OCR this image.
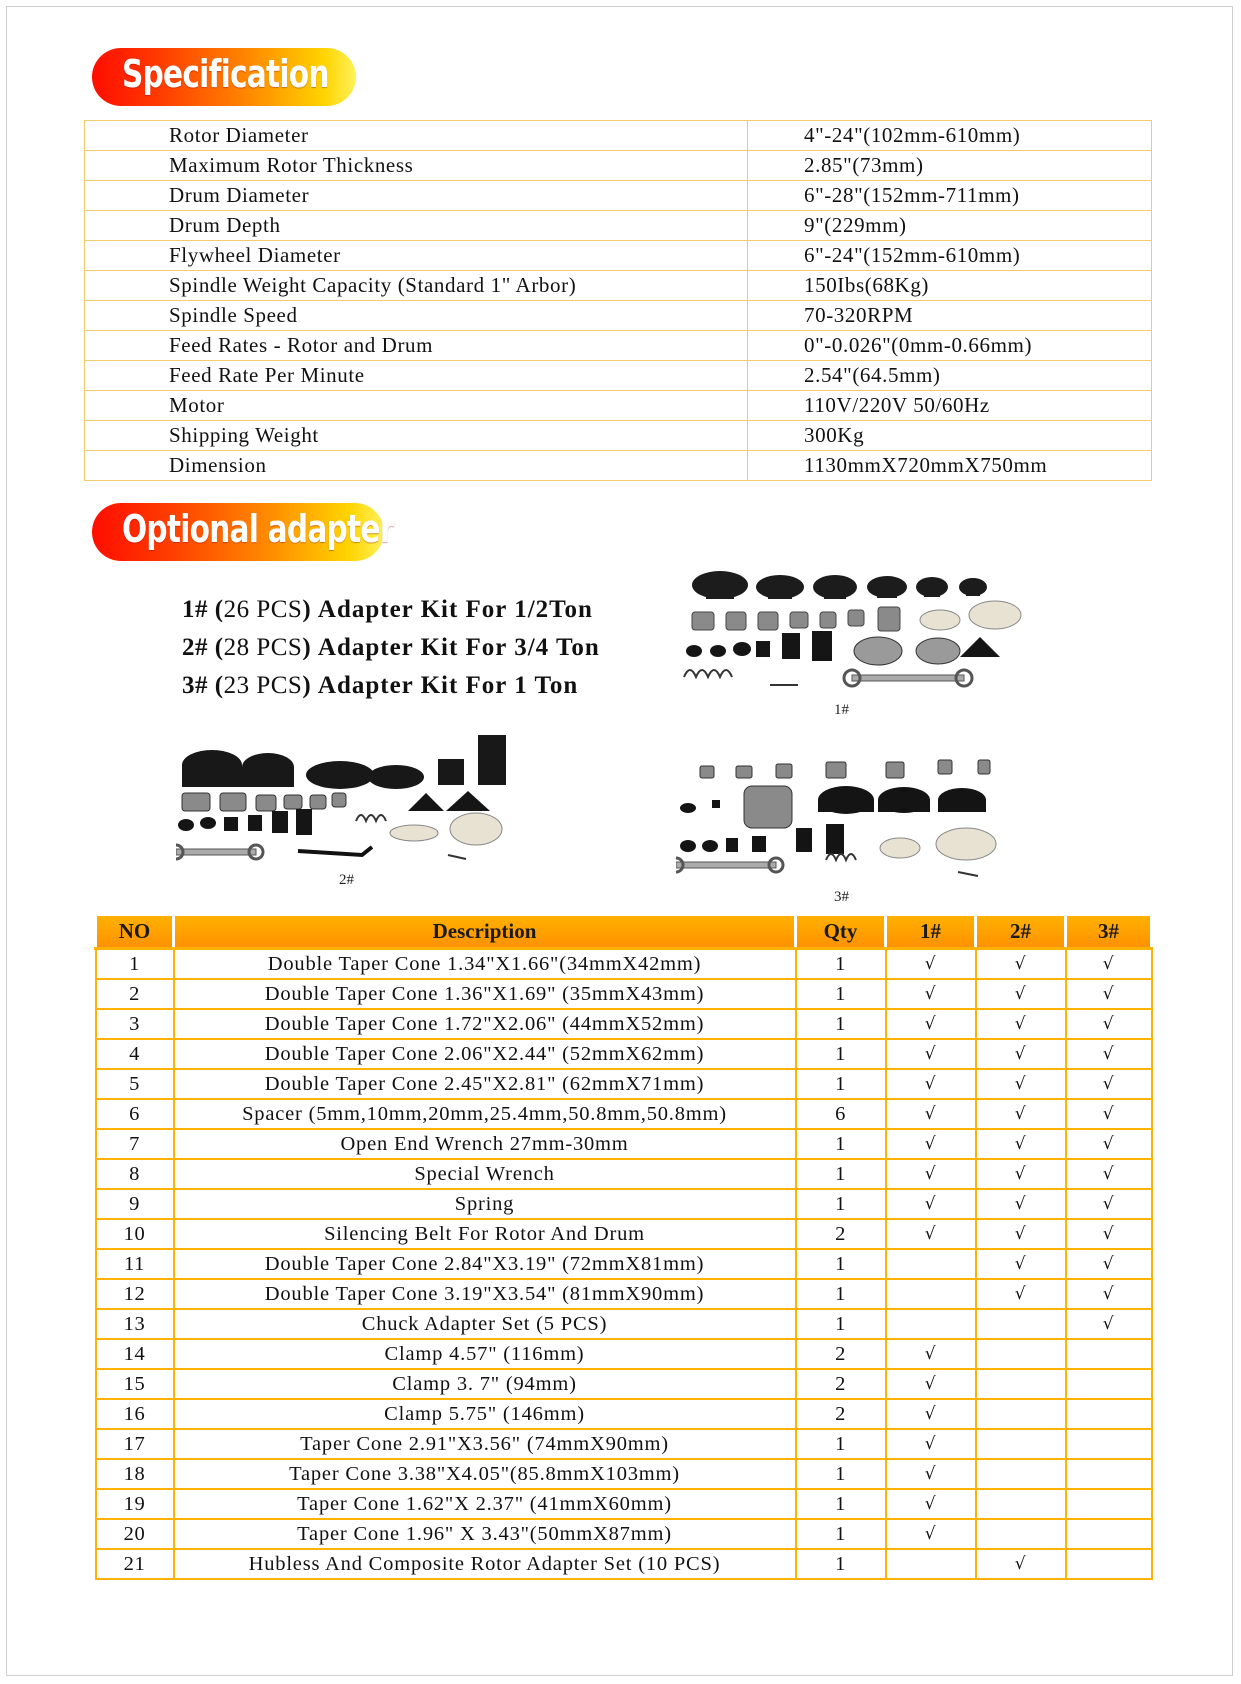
Specification
Rotor Diameter	4"-24"(102mm-610mm)
Maximum Rotor Thickness	2.85"(73mm)
Drum Diameter	6"-28"(152mm-711mm)
Drum Depth	9"(229mm)
Flywheel Diameter	6"-24"(152mm-610mm)
Spindle Weight Capacity (Standard 1" Arbor)	150Ibs(68Kg)
Spindle Speed	70-320RPM
Feed Rates - Rotor and Drum	0"-0.026"(0mm-0.66mm)
Feed Rate Per Minute	2.54"(64.5mm)
Motor	110V/220V 50/60Hz
Shipping Weight	300Kg
Dimension	1130mmX720mmX750mm
Optional adapter
1# (26 PCS) Adapter Kit For 1/2Ton
2# (28 PCS) Adapter Kit For 3/4 Ton
3# (23 PCS) Adapter Kit For 1 Ton
1#
2#
3#
NO	Description	Qty	1#	2#	3#
1	Double Taper Cone 1.34"X1.66"(34mmX42mm)	1	√	√	√
2	Double Taper Cone 1.36"X1.69" (35mmX43mm)	1	√	√	√
3	Double Taper Cone 1.72"X2.06" (44mmX52mm)	1	√	√	√
4	Double Taper Cone 2.06"X2.44" (52mmX62mm)	1	√	√	√
5	Double Taper Cone 2.45"X2.81" (62mmX71mm)	1	√	√	√
6	Spacer (5mm,10mm,20mm,25.4mm,50.8mm,50.8mm)	6	√	√	√
7	Open End Wrench 27mm-30mm	1	√	√	√
8	Special Wrench	1	√	√	√
9	Spring	1	√	√	√
10	Silencing Belt For Rotor And Drum	2	√	√	√
11	Double Taper Cone 2.84"X3.19" (72mmX81mm)	1		√	√
12	Double Taper Cone 3.19"X3.54" (81mmX90mm)	1		√	√
13	Chuck Adapter Set (5 PCS)	1			√
14	Clamp 4.57" (116mm)	2	√		
15	Clamp 3. 7" (94mm)	2	√		
16	Clamp 5.75" (146mm)	2	√		
17	Taper Cone 2.91"X3.56" (74mmX90mm)	1	√		
18	Taper Cone 3.38"X4.05"(85.8mmX103mm)	1	√		
19	Taper Cone 1.62"X 2.37" (41mmX60mm)	1	√		
20	Taper Cone 1.96" X 3.43"(50mmX87mm)	1	√		
21	Hubless And Composite Rotor Adapter Set (10 PCS)	1		√	
